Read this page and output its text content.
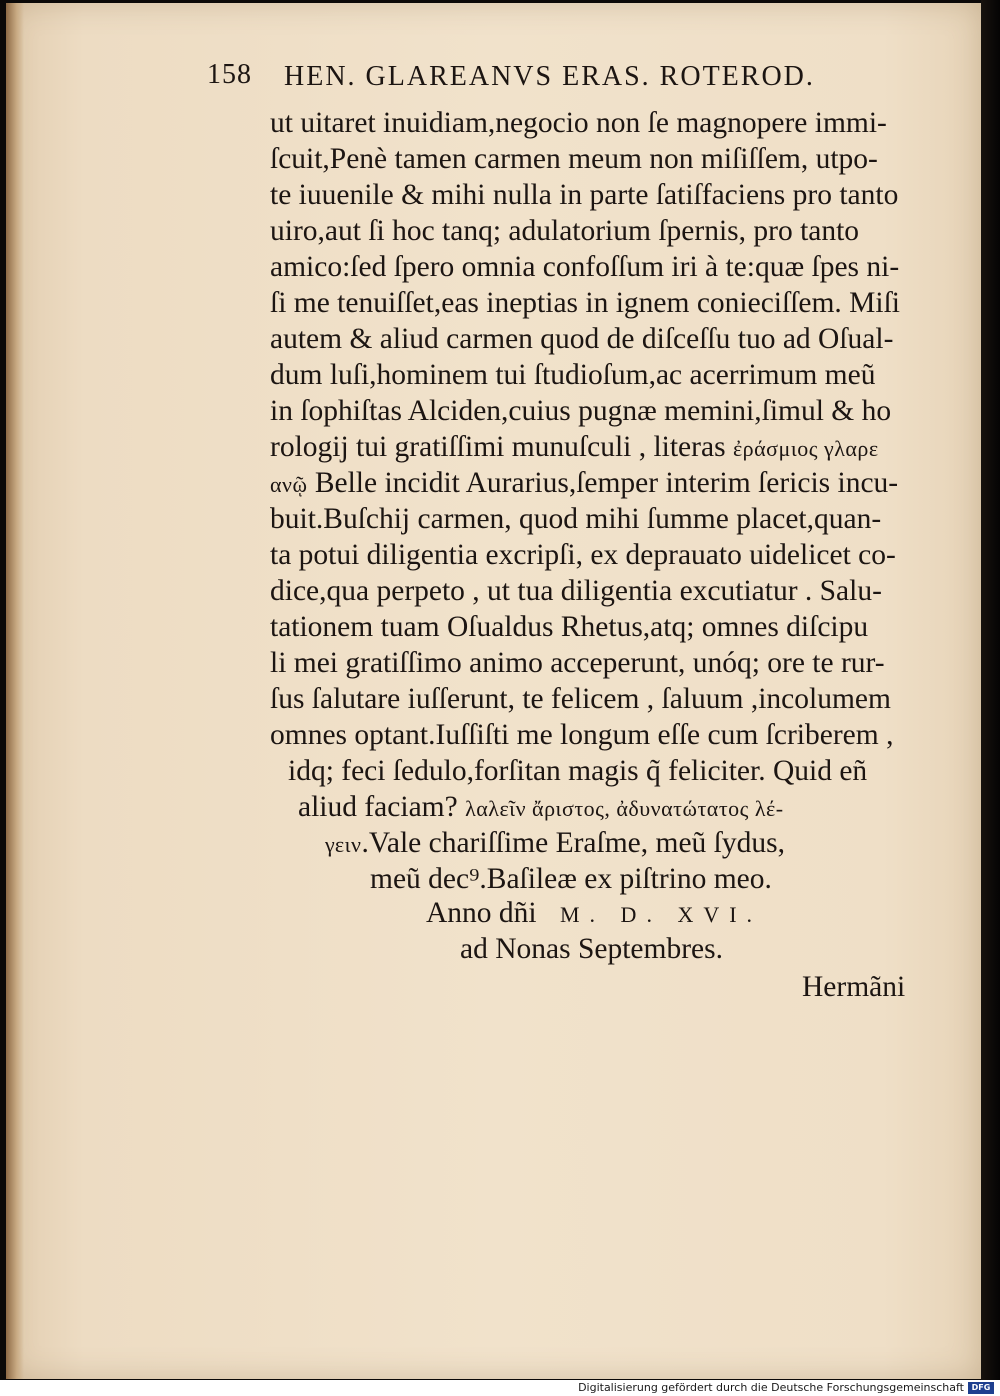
158 HEN. GLAREANVS ERAS. ROTEROD.
ut uitaret inuidiam,negocio non ſe magnopere immi-
ſcuit,Penè tamen carmen meum non miſiſſem, utpo-
te iuuenile & mihi nulla in parte ſatiſfaciens pro tanto
uiro,aut ſi hoc tanq; adulatorium ſpernis, pro tanto
amico:ſed ſpero omnia confoſſum iri à te:quæ ſpes ni-
ſi me tenuiſſet,eas ineptias in ignem conieciſſem. Miſi
autem & aliud carmen quod de diſceſſu tuo ad Oſual-
dum luſi,hominem tui ſtudioſum,ac acerrimum meũ
in ſophiſtas Alciden,cuius pugnæ memini,ſimul & ho
rologij tui gratiſſimi munuſculi , literas ἐράσμιος γλαρε
ανῷ Belle incidit Aurarius,ſemper interim ſericis incu-
buit.Buſchij carmen, quod mihi ſumme placet,quan-
ta potui diligentia excripſi, ex deprauato uidelicet co-
dice,qua perpeto , ut tua diligentia excutiatur . Salu-
tationem tuam Oſualdus Rhetus,atq; omnes diſcipu
li mei gratiſſimo animo acceperunt, unóq; ore te rur-
ſus ſalutare iuſſerunt, te felicem , ſaluum ,incolumem
omnes optant.Iuſſiſti me longum eſſe cum ſcriberem ,
idq; feci ſedulo,forſitan magis q̃ feliciter. Quid eñ
aliud faciam? λαλεῖν ἄριστος, ἀδυνατώτατος λέ-
γειν.Vale chariſſime Eraſme, meũ ſydus,
meũ dec⁹.Baſileæ ex piſtrino meo.
Anno dñi M. D. XVI.
ad Nonas Septembres.
Hermãni
Digitalisierung gefördert durch die Deutsche Forschungsgemeinschaft DFG
